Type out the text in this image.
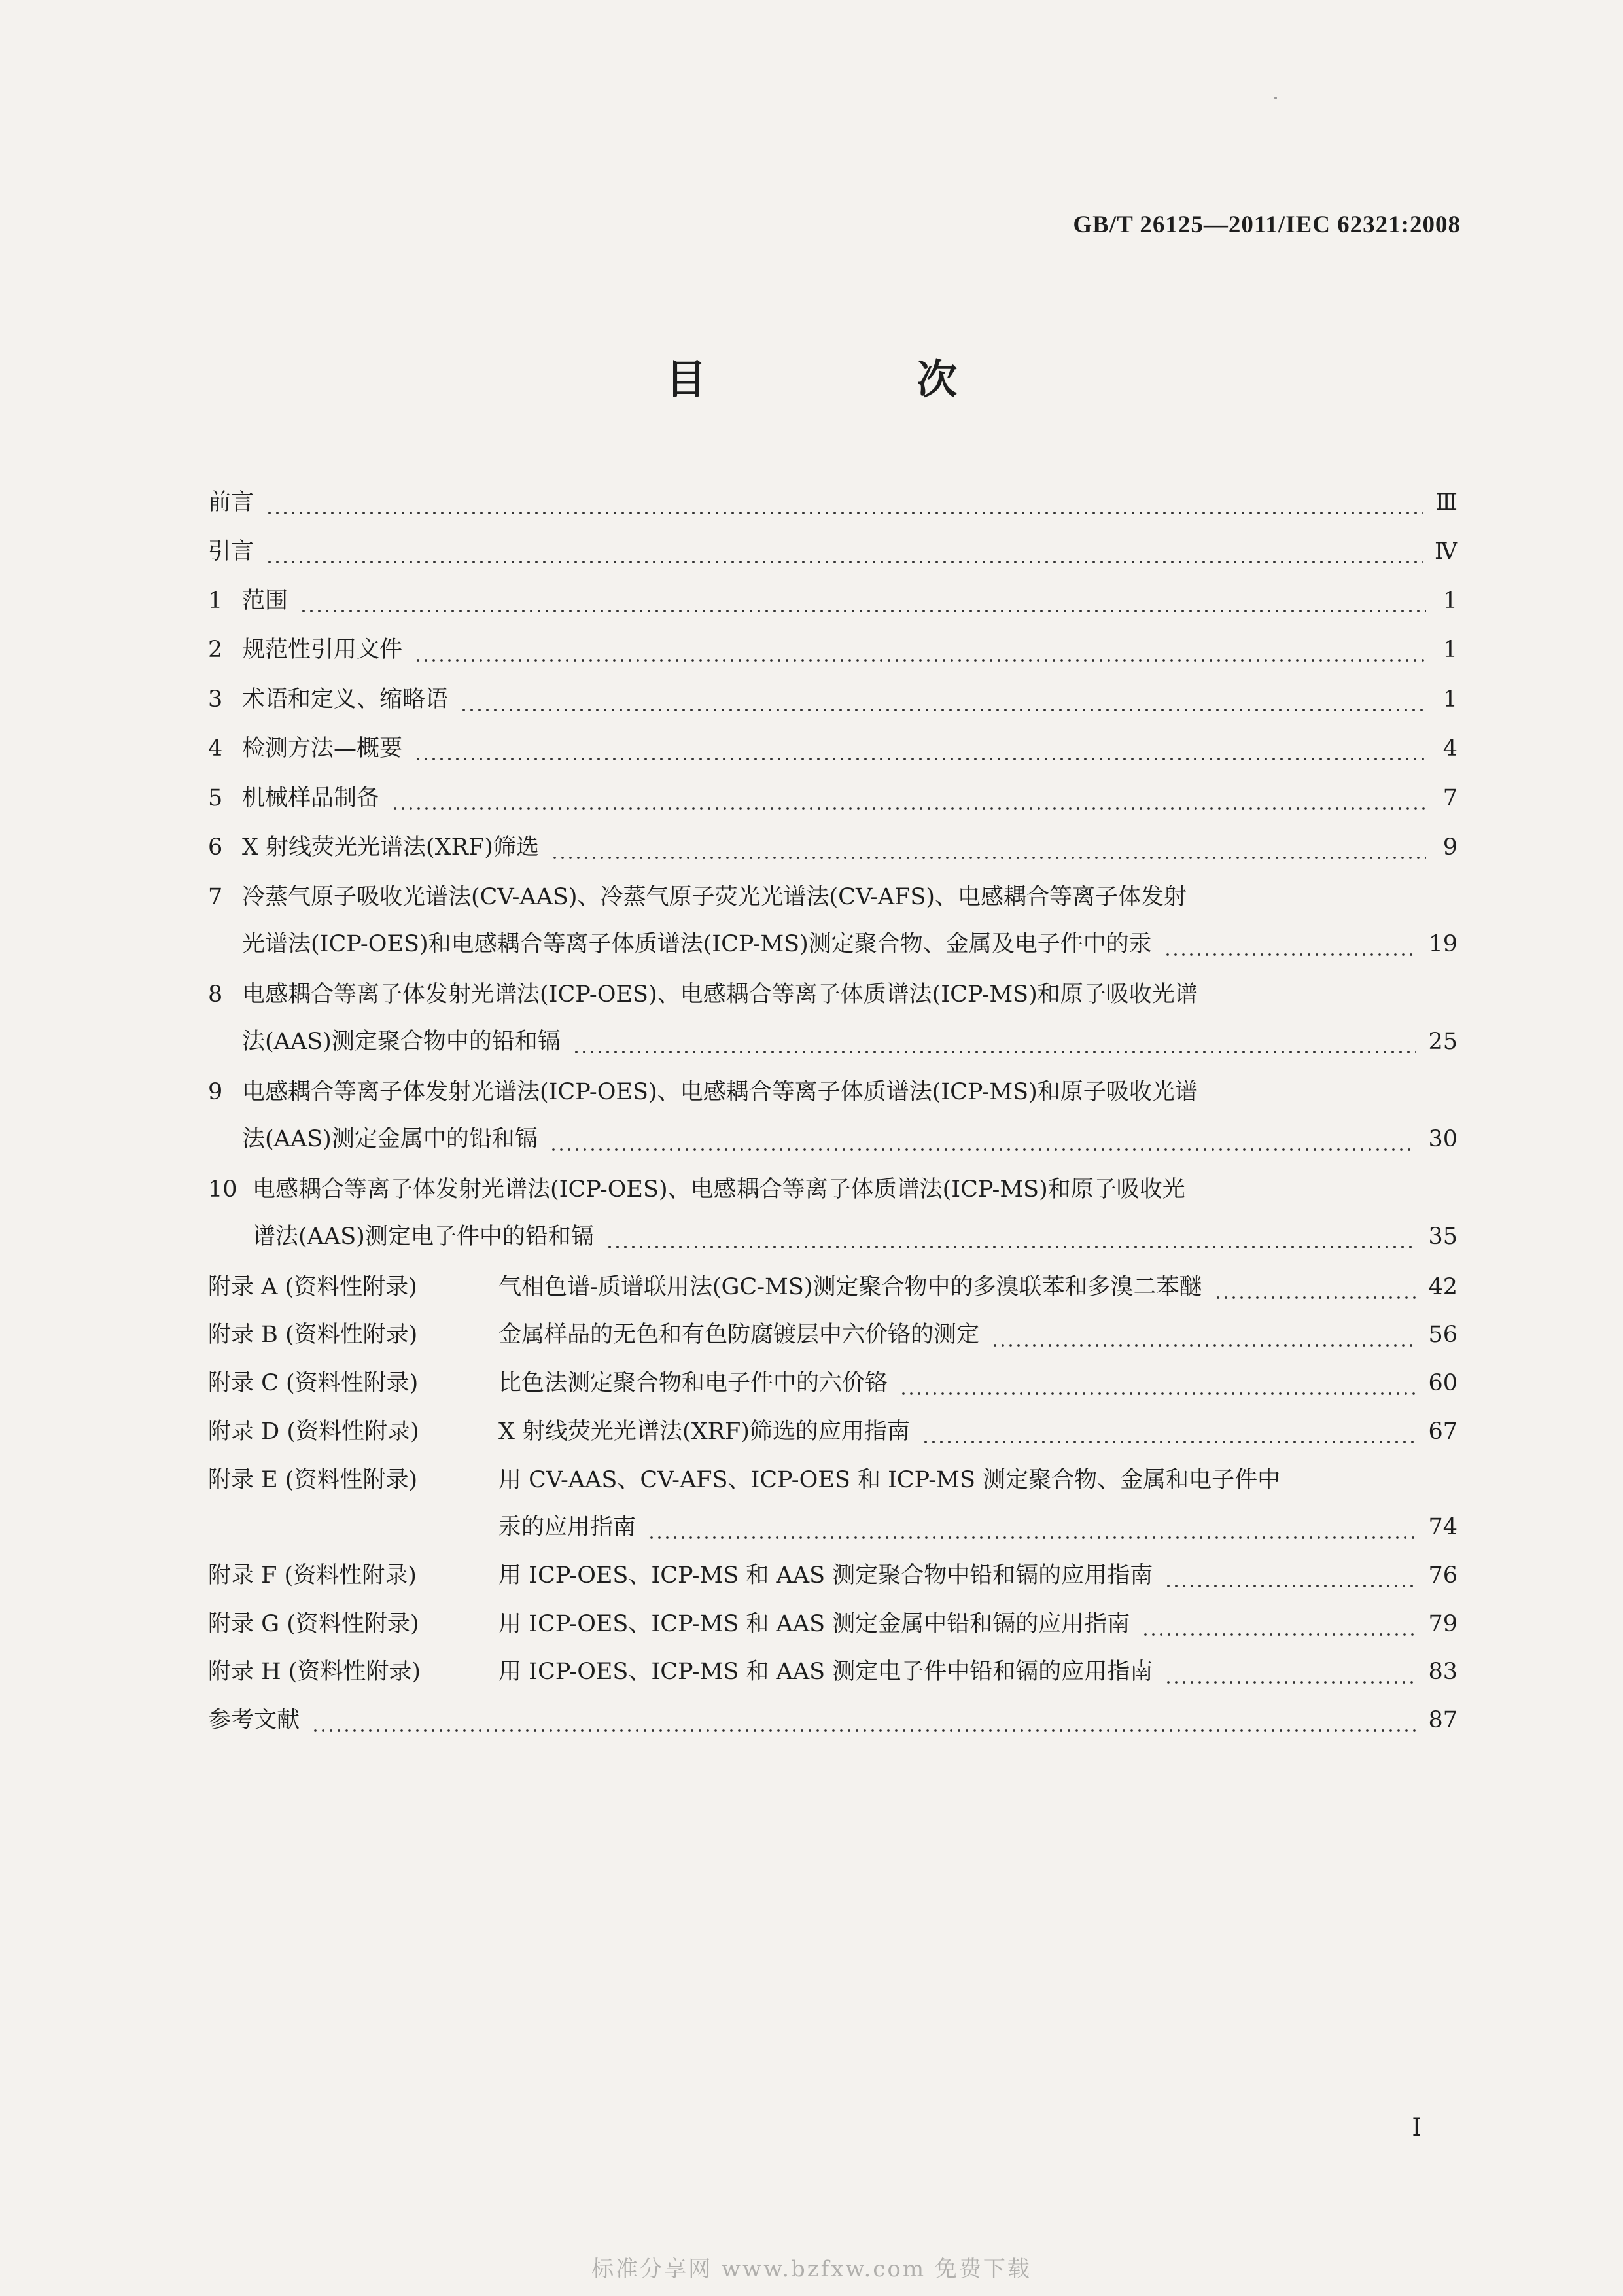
GB/T 26125—2011/IEC 62321:2008
目 次
前言	Ⅲ
引言	Ⅳ
1 范围	1
2 规范性引用文件	1
3 术语和定义、缩略语	1
4 检测方法—概要	4
5 机械样品制备	7
6 X 射线荧光光谱法(XRF)筛选	9
7 冷蒸气原子吸收光谱法(CV-AAS)、冷蒸气原子荧光光谱法(CV-AFS)、电感耦合等离子体发射
光谱法(ICP-OES)和电感耦合等离子体质谱法(ICP-MS)测定聚合物、金属及电子件中的汞	19
8 电感耦合等离子体发射光谱法(ICP-OES)、电感耦合等离子体质谱法(ICP-MS)和原子吸收光谱
法(AAS)测定聚合物中的铅和镉	25
9 电感耦合等离子体发射光谱法(ICP-OES)、电感耦合等离子体质谱法(ICP-MS)和原子吸收光谱
法(AAS)测定金属中的铅和镉	30
10 电感耦合等离子体发射光谱法(ICP-OES)、电感耦合等离子体质谱法(ICP-MS)和原子吸收光
谱法(AAS)测定电子件中的铅和镉	35
附录 A (资料性附录)	气相色谱-质谱联用法(GC-MS)测定聚合物中的多溴联苯和多溴二苯醚	42
附录 B (资料性附录)	金属样品的无色和有色防腐镀层中六价铬的测定	56
附录 C (资料性附录)	比色法测定聚合物和电子件中的六价铬	60
附录 D (资料性附录)	X 射线荧光光谱法(XRF)筛选的应用指南	67
附录 E (资料性附录)	用 CV-AAS、CV-AFS、ICP-OES 和 ICP-MS 测定聚合物、金属和电子件中
汞的应用指南	74
附录 F (资料性附录)	用 ICP-OES、ICP-MS 和 AAS 测定聚合物中铅和镉的应用指南	76
附录 G (资料性附录)	用 ICP-OES、ICP-MS 和 AAS 测定金属中铅和镉的应用指南	79
附录 H (资料性附录)	用 ICP-OES、ICP-MS 和 AAS 测定电子件中铅和镉的应用指南	83
参考文献	87
I
标准分享网 www.bzfxw.com 免费下载
